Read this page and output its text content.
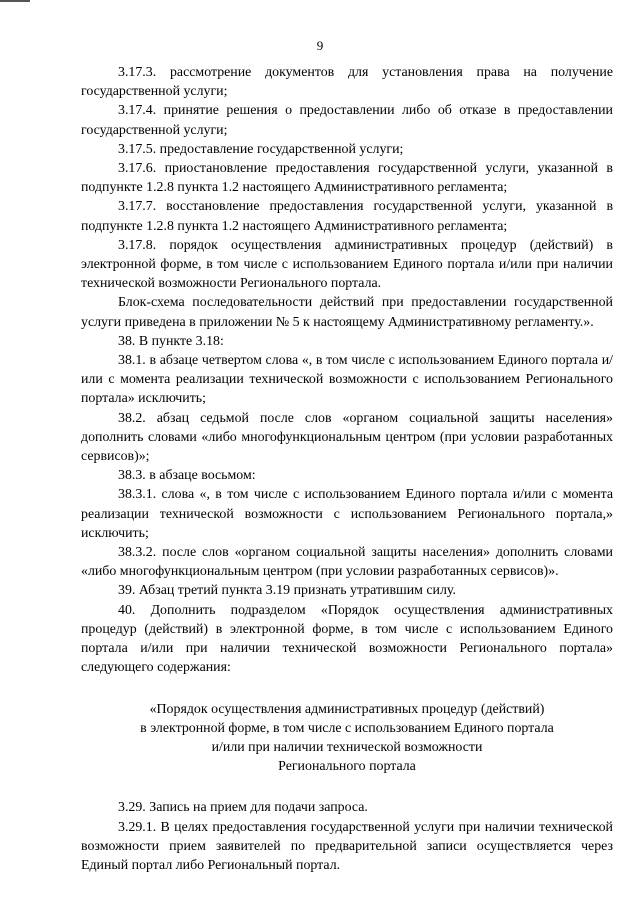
9

3.17.3. рассмотрение документов для установления права на получение государственной услуги;

3.17.4. принятие решения о предоставлении либо об отказе в предоставлении государственной услуги;

3.17.5. предоставление государственной услуги;

3.17.6. приостановление предоставления государственной услуги, указанной в подпункте 1.2.8 пункта 1.2 настоящего Административного регламента;

3.17.7. восстановление предоставления государственной услуги, указанной в подпункте 1.2.8 пункта 1.2 настоящего Административного регламента;

3.17.8. порядок осуществления административных процедур (действий) в электронной форме, в том числе с использованием Единого портала и/или при наличии технической возможности Регионального портала.

Блок-схема последовательности действий при предоставлении государственной услуги приведена в приложении № 5 к настоящему Административному регламенту.».

38. В пункте 3.18:

38.1. в абзаце четвертом слова «, в том числе с использованием Единого портала и/или с момента реализации технической возможности с использованием Регионального портала» исключить;

38.2. абзац седьмой после слов «органом социальной защиты населения» дополнить словами «либо многофункциональным центром (при условии разработанных сервисов)»;

38.3. в абзаце восьмом:

38.3.1. слова «, в том числе с использованием Единого портала и/или с момента реализации технической возможности с использованием Регионального портала,» исключить;

38.3.2. после слов «органом социальной защиты населения» дополнить словами «либо многофункциональным центром (при условии разработанных сервисов)».

39. Абзац третий пункта 3.19 признать утратившим силу.

40. Дополнить подразделом «Порядок осуществления административных процедур (действий) в электронной форме, в том числе с использованием Единого портала и/или при наличии технической возможности Регионального портала» следующего содержания:

«Порядок осуществления административных процедур (действий)
в электронной форме, в том числе с использованием Единого портала
и/или при наличии технической возможности
Регионального портала

3.29. Запись на прием для подачи запроса.

3.29.1. В целях предоставления государственной услуги при наличии технической возможности прием заявителей по предварительной записи осуществляется через Единый портал либо Региональный портал.
